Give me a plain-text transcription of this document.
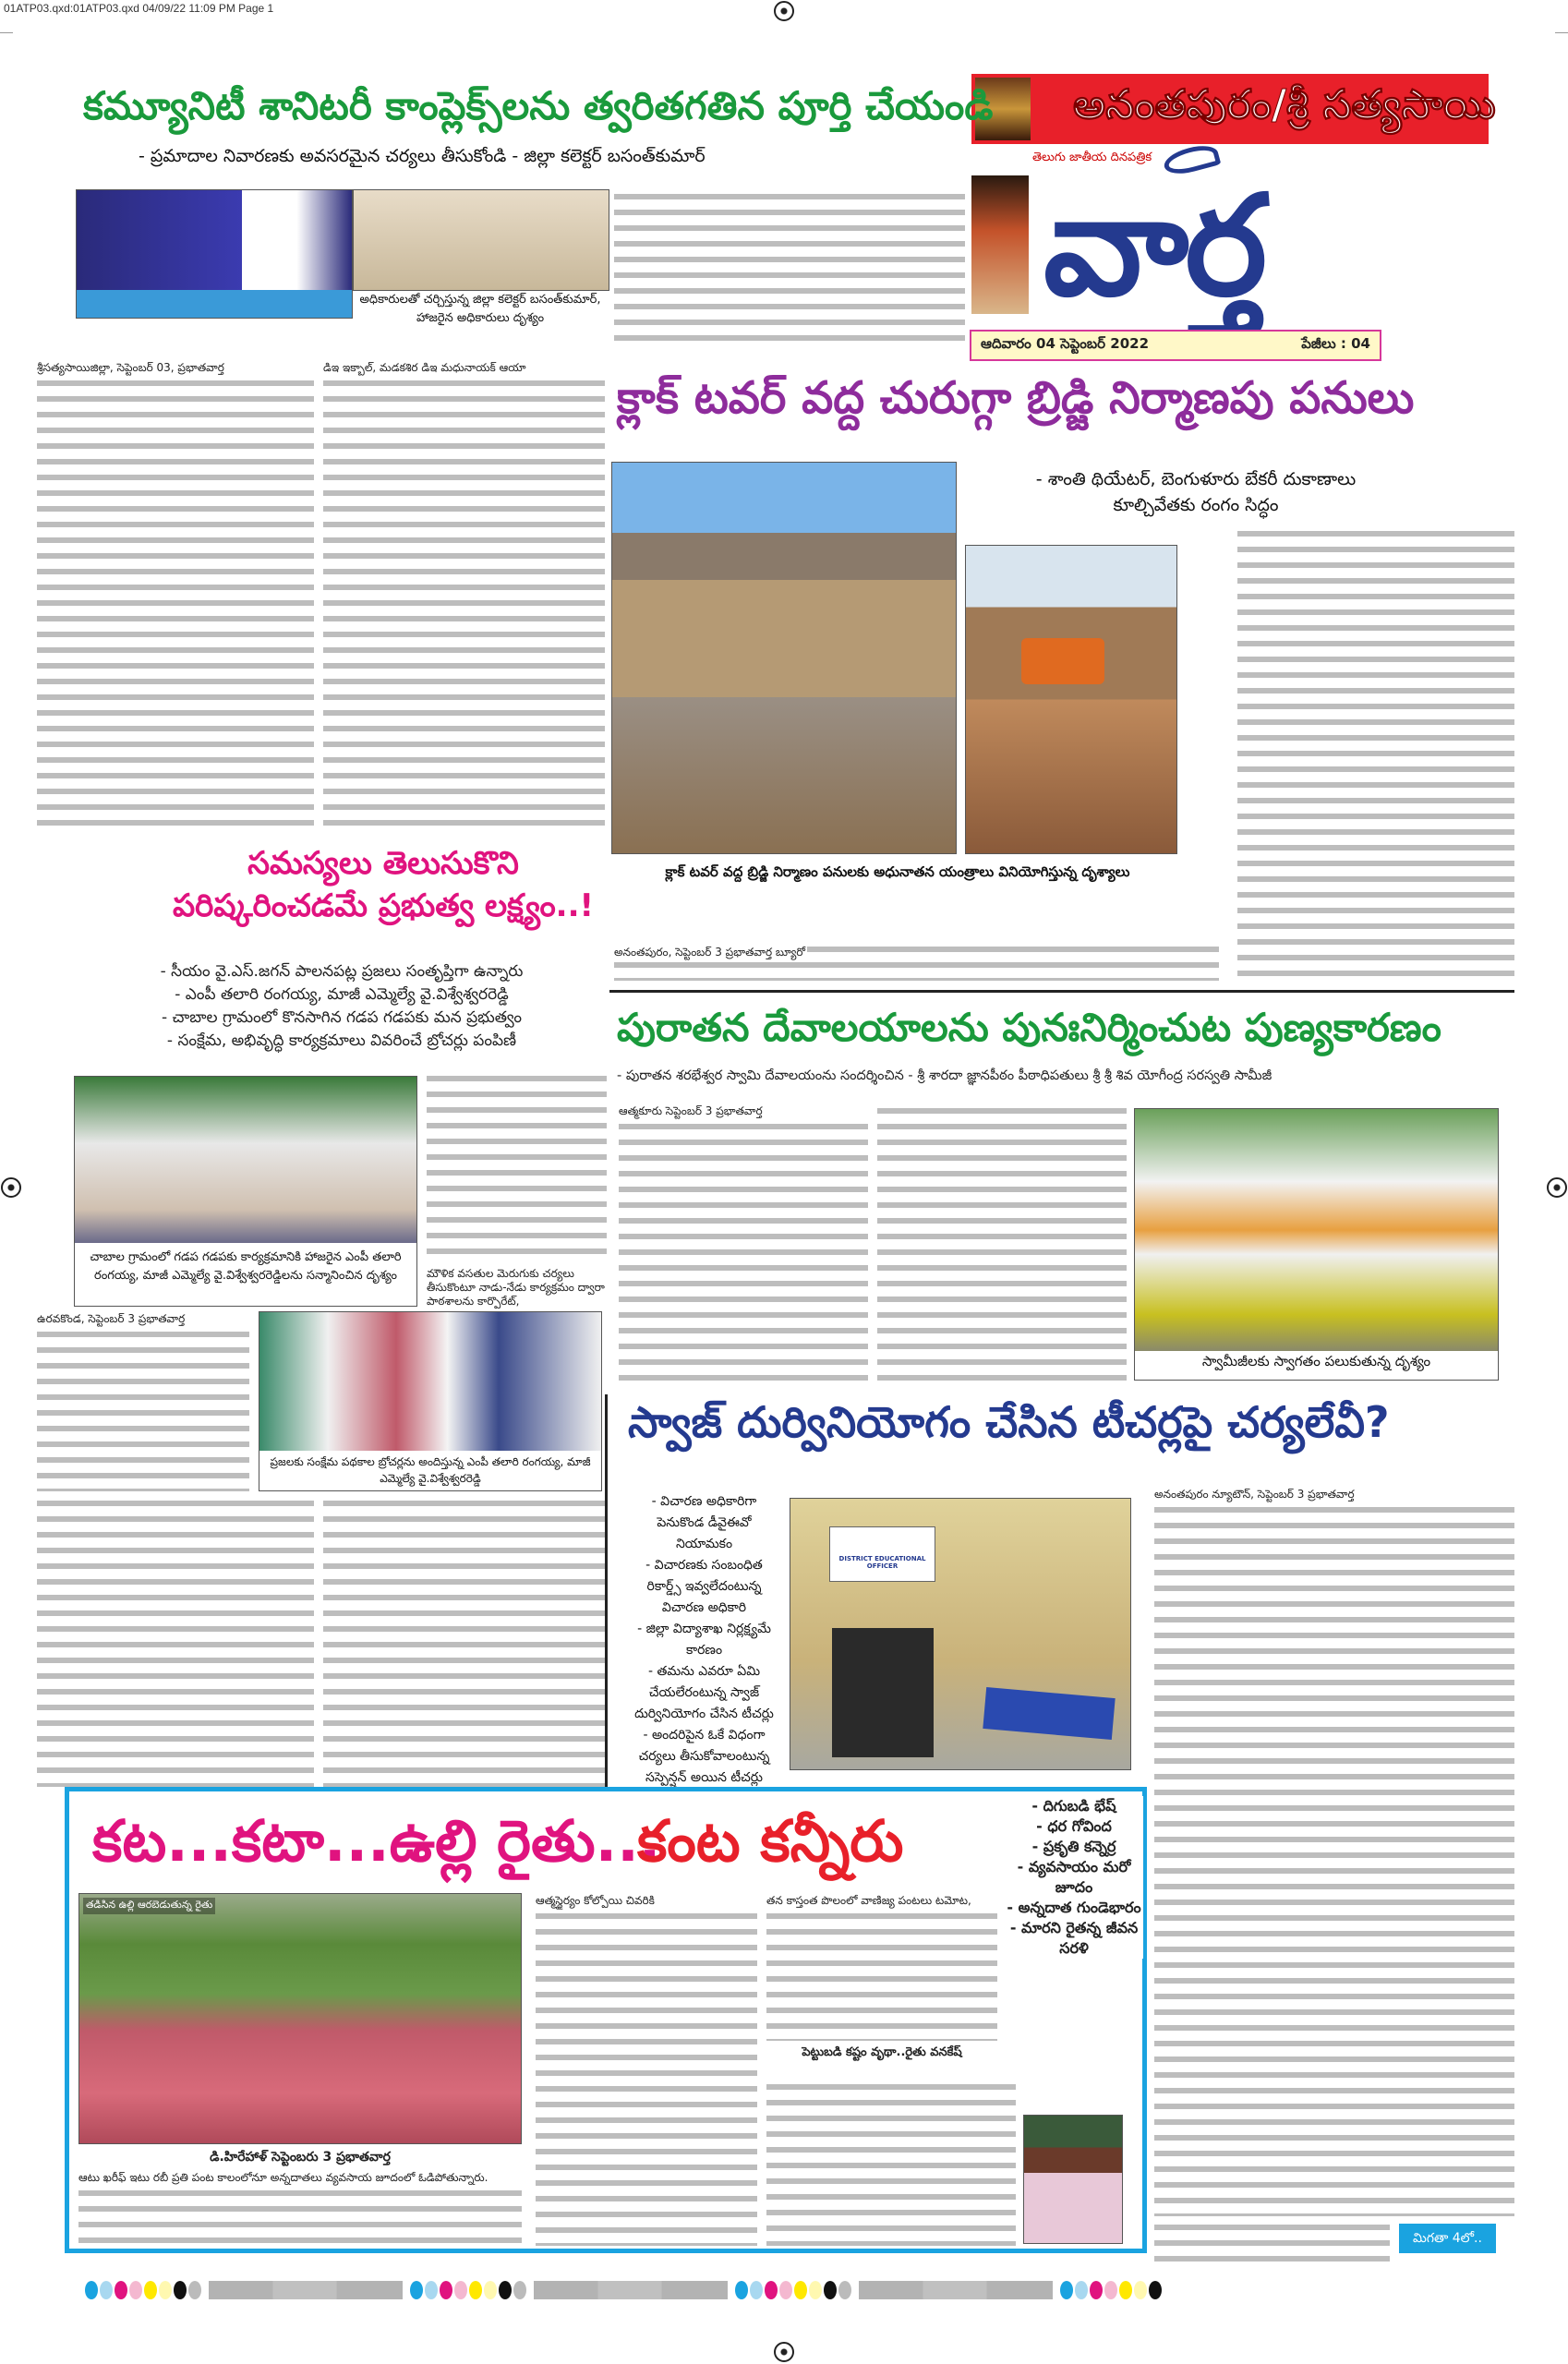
01ATP03.qxd:01ATP03.qxd 04/09/22 11:09 PM Page 1
అనంతపురం/శ్రీ సత్యసాయి
వార్త
తెలుగు జాతీయ దినపత్రిక
ఆదివారం 04 సెప్టెంబర్ 2022	పేజీలు : 04
కమ్యూనిటీ శానిటరీ కాంప్లెక్స్‌లను త్వరితగతిన పూర్తి చేయండి
- ప్రమాదాల నివారణకు అవసరమైన చర్యలు తీసుకోండి - జిల్లా కలెక్టర్ బసంత్‌కుమార్
అధికారులతో చర్చిస్తున్న జిల్లా కలెక్టర్ బసంత్‌కుమార్, హాజరైన అధికారులు దృశ్యం
శ్రీసత్యసాయిజిల్లా, సెప్టెంబర్ 03, ప్రభాతవార్త	డిఇ ఇక్బాల్, మడకశిర డిఇ మధునాయక్ ఆయా
క్లాక్ టవర్ వద్ద చురుగ్గా బ్రిడ్జి నిర్మాణపు పనులు
- శాంతి థియేటర్, బెంగుళూరు బేకరీ దుకాణాలు
కూల్చివేతకు రంగం సిద్ధం
క్లాక్ టవర్ వద్ద బ్రిడ్జి నిర్మాణం పనులకు అధునాతన యంత్రాలు వినియోగిస్తున్న దృశ్యాలు
అనంతపురం, సెప్టెంబర్ 3 ప్రభాతవార్త బ్యూరో
సమస్యలు తెలుసుకొని
పరిష్కరించడమే ప్రభుత్వ లక్ష్యం..!
- సీయం వై.ఎస్.జగన్ పాలనపట్ల ప్రజలు సంతృప్తిగా ఉన్నారు
- ఎంపీ తలారి రంగయ్య, మాజీ ఎమ్మెల్యే వై.విశ్వేశ్వరరెడ్డి
- చాబాల గ్రామంలో కొనసాగిన గడప గడపకు మన ప్రభుత్వం
- సంక్షేమ, అభివృద్ధి కార్యక్రమాలు వివరించే బ్రోచర్లు పంపిణీ
చాబాల గ్రామంలో గడప గడపకు కార్యక్రమానికి హాజరైన ఎంపీ తలారి రంగయ్య, మాజీ ఎమ్మెల్యే వై.విశ్వేశ్వరరెడ్డిలను సన్మానించిన దృశ్యం	మౌళిక వసతుల మెరుగుకు చర్యలు తీసుకొంటూ నాడు-నేడు కార్యక్రమం ద్వారా పాఠశాలను కార్పొరేట్,
ఉరవకొండ, సెప్టెంబర్ 3 ప్రభాతవార్త
ప్రజలకు సంక్షేమ పథకాల బ్రోచర్లను అందిస్తున్న ఎంపీ తలారి రంగయ్య, మాజీ ఎమ్మెల్యే వై.విశ్వేశ్వరరెడ్డి
పురాతన దేవాలయాలను పునఃనిర్మించుట పుణ్యకారణం
- పురాతన శరభేశ్వర స్వామి దేవాలయంను సందర్శించిన - శ్రీ శారదా జ్ఞానపీఠం పీఠాధిపతులు శ్రీ శ్రీ శివ యోగీంద్ర సరస్వతి సామీజీ
ఆత్మకూరు సెప్టెంబర్ 3 ప్రభాతవార్త
స్వామీజీలకు స్వాగతం పలుకుతున్న దృశ్యం
స్వాజ్ దుర్వినియోగం చేసిన టీచర్లపై చర్యలేవీ?
- విచారణ అధికారిగా పెనుకొండ డీవైఈవో నియామకం
- విచారణకు సంబంధిత రికార్డ్స్ ఇవ్వలేదంటున్న విచారణ అధికారి
- జిల్లా విద్యాశాఖ నిర్లక్ష్యమే కారణం
- తమను ఎవరూ ఏమి చేయలేరంటున్న స్వాజ్ దుర్వినియోగం చేసిన టీచర్లు
- అందరిపైన ఓకే విధంగా చర్యలు తీసుకోవాలంటున్న సస్పెన్షన్ అయిన టీచర్లు
DISTRICT EDUCATIONAL OFFICER
అనంతపురం న్యూటౌన్, సెప్టెంబర్ 3 ప్రభాతవార్త
మిగతా 4లో..
కట...కటా...ఉల్లి రైతు...
కంట కన్నీరు
తడిసిన ఉల్లి ఆరబెడుతున్న రైతు
డి.హిరేహాళ్ సెప్టెంబరు 3 ప్రభాతవార్త
ఆటు ఖరీఫ్ ఇటు రబీ ప్రతి పంట కాలంలోనూ అన్నదాతలు వ్యవసాయ జూదంలో ఓడిపోతున్నారు.
ఆత్మస్థైర్యం కోల్పోయి చివరికి	తన కాస్తంత పొలంలో వాణిజ్య పంటలు టమోట,
పెట్టుబడి కష్టం వృథా..రైతు వనకేష్
- దిగుబడి భేష్
- ధర గోవింద
- ప్రకృతి కన్నెర్ర
- వ్యవసాయం మరో జూదం
- అన్నదాత గుండెభారం
- మారని రైతన్న జీవన సరళి
